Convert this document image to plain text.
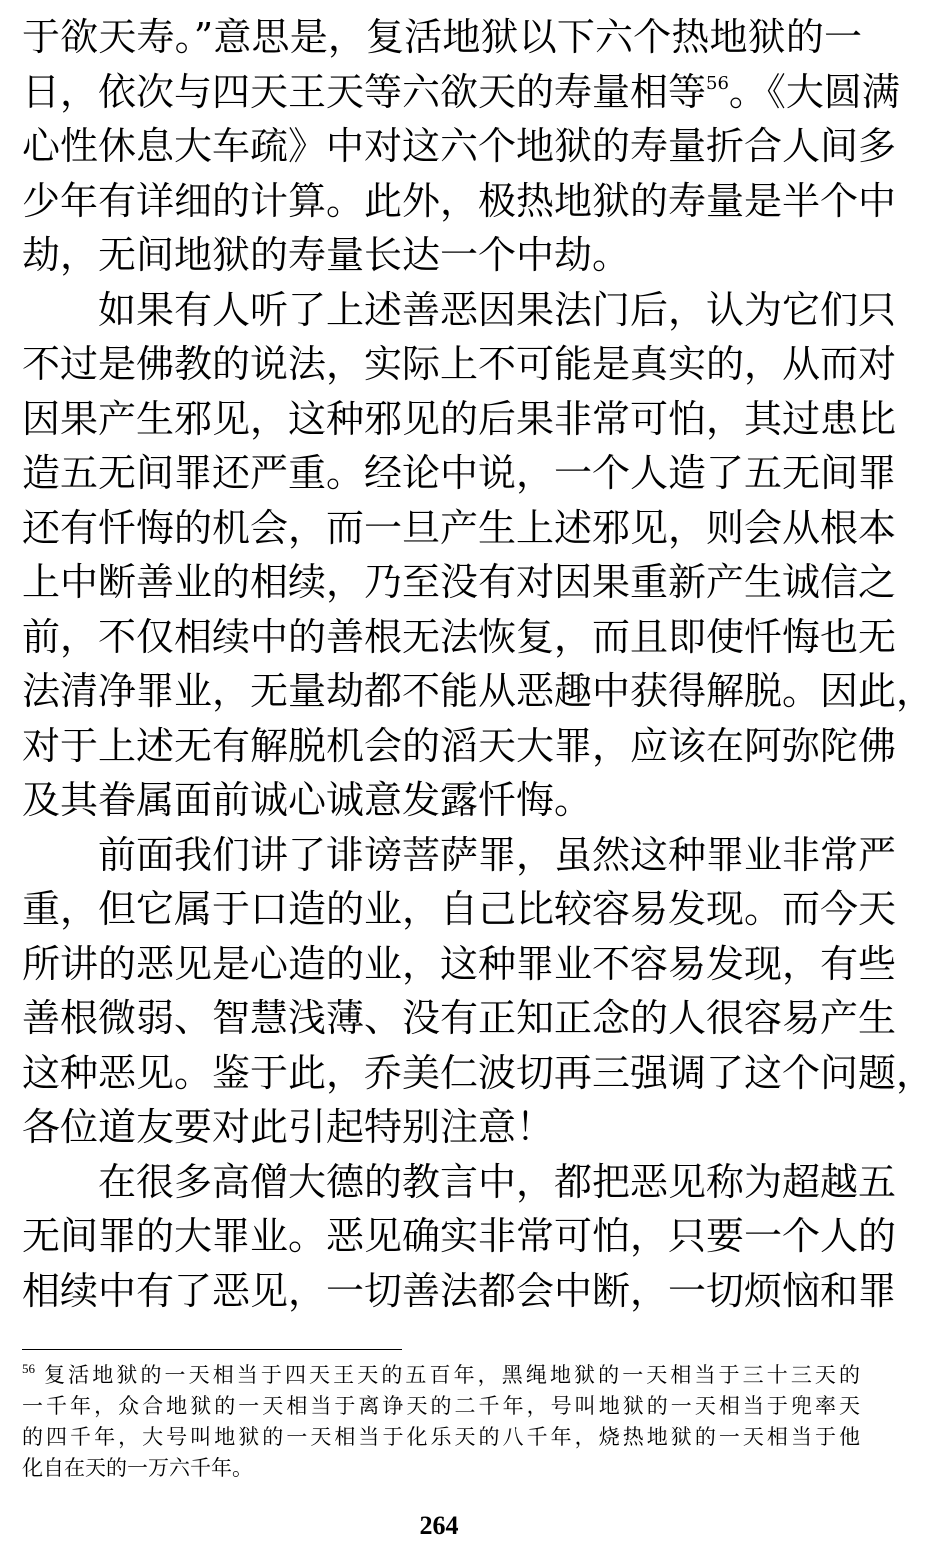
于欲天寿。”意思是，复活地狱以下六个热地狱的一
日，依次与四天王天等六欲天的寿量相等$^{56}$。《大圆满
心性休息大车疏》中对这六个地狱的寿量折合人间多
少年有详细的计算。此外，极热地狱的寿量是半个中
劫，无间地狱的寿量长达一个中劫。
如果有人听了上述善恶因果法门后，认为它们只
不过是佛教的说法，实际上不可能是真实的，从而对
因果产生邪见，这种邪见的后果非常可怕，其过患比
造五无间罪还严重。经论中说，一个人造了五无间罪
还有忏悔的机会，而一旦产生上述邪见，则会从根本
上中断善业的相续，乃至没有对因果重新产生诚信之
前，不仅相续中的善根无法恢复，而且即使忏悔也无
法清净罪业，无量劫都不能从恶趣中获得解脱。因此，
对于上述无有解脱机会的滔天大罪，应该在阿弥陀佛
及其眷属面前诚心诚意发露忏悔。
前面我们讲了诽谤菩萨罪，虽然这种罪业非常严
重，但它属于口造的业，自己比较容易发现。而今天
所讲的恶见是心造的业，这种罪业不容易发现，有些
善根微弱、智慧浅薄、没有正知正念的人很容易产生
这种恶见。鉴于此，乔美仁波切再三强调了这个问题，
各位道友要对此引起特别注意！
在很多高僧大德的教言中，都把恶见称为超越五
无间罪的大罪业。恶见确实非常可怕，只要一个人的
相续中有了恶见，一切善法都会中断，一切烦恼和罪
$^{56}$ 复活地狱的一天相当于四天王天的五百年，黑绳地狱的一天相当于三十三天的
一千年，众合地狱的一天相当于离诤天的二千年，号叫地狱的一天相当于兜率天
的四千年，大号叫地狱的一天相当于化乐天的八千年，烧热地狱的一天相当于他
化自在天的一万六千年。
264
